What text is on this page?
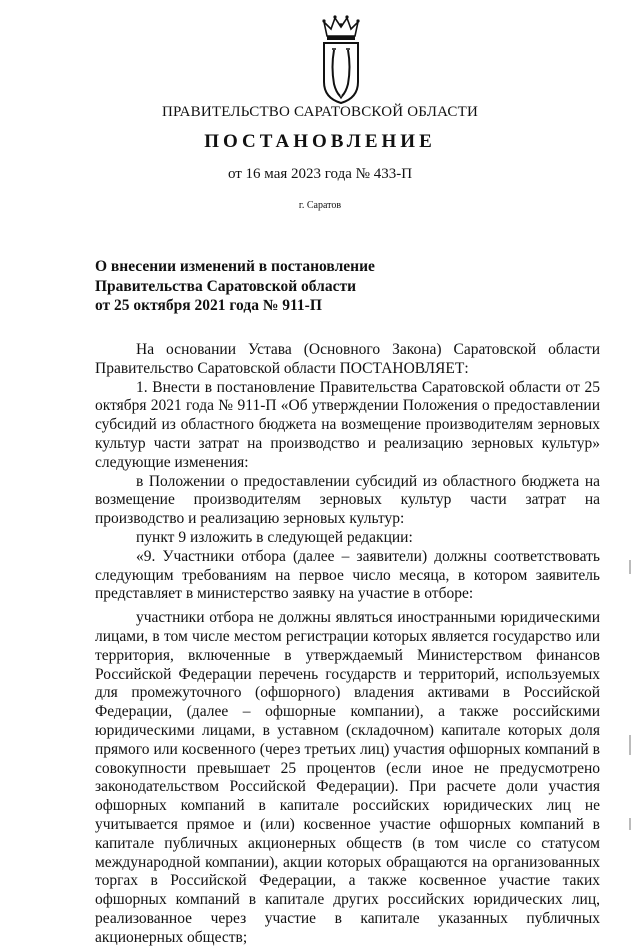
ПРАВИТЕЛЬСТВО САРАТОВСКОЙ ОБЛАСТИ
ПОСТАНОВЛЕНИЕ
от 16 мая 2023 года № 433-П
г. Саратов
О внесении изменений в постановление
Правительства Саратовской области
от 25 октября 2021 года № 911-П

На основании Устава (Основного Закона) Саратовской области Правительство Саратовской области ПОСТАНОВЛЯЕТ:

1. Внести в постановление Правительства Саратовской области от 25 октября 2021 года № 911-П «Об утверждении Положения о предоставлении субсидий из областного бюджета на возмещение производителям зерновых культур части затрат на производство и реализацию зерновых культур» следующие изменения:

в Положении о предоставлении субсидий из областного бюджета на возмещение производителям зерновых культур части затрат на производство и реализацию зерновых культур:

пункт 9 изложить в следующей редакции:

«9. Участники отбора (далее – заявители) должны соответствовать следующим требованиям на первое число месяца, в котором заявитель представляет в министерство заявку на участие в отборе:

участники отбора не должны являться иностранными юридическими лицами, в том числе местом регистрации которых является государство или территория, включенные в утверждаемый Министерством финансов Российской Федерации перечень государств и территорий, используемых для промежуточного (офшорного) владения активами в Российской Федерации, (далее – офшорные компании), а также российскими юридическими лицами, в уставном (складочном) капитале которых доля прямого или косвенного (через третьих лиц) участия офшорных компаний в совокупности превышает 25 процентов (если иное не предусмотрено законодательством Российской Федерации). При расчете доли участия офшорных компаний в капитале российских юридических лиц не учитывается прямое и (или) косвенное участие офшорных компаний в капитале публичных акционерных обществ (в том числе со статусом международной компании), акции которых обращаются на организованных торгах в Российской Федерации, а также косвенное участие таких офшорных компаний в капитале других российских юридических лиц, реализованное через участие в капитале указанных публичных акционерных обществ;
